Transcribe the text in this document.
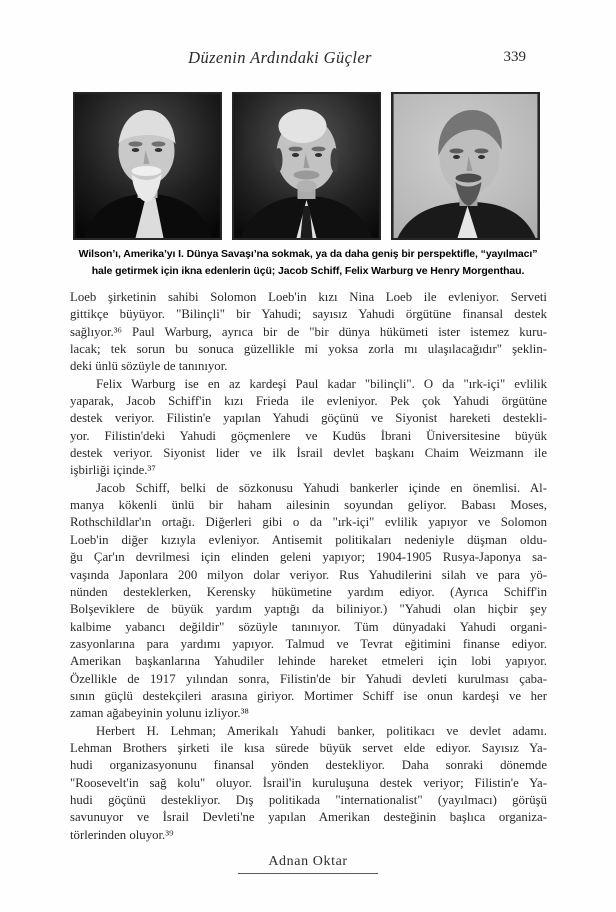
Düzenin Ardındaki Güçler	339
Wilson’ı, Amerika’yı I. Dünya Savaşı’na sokmak, ya da daha geniş bir perspektifle, “yayılmacı”
hale getirmek için ikna edenlerin üçü; Jacob Schiff, Felix Warburg ve Henry Morgenthau.
Loeb şirketinin sahibi Solomon Loeb'in kızı Nina Loeb ile evleniyor. Serveti
gittikçe büyüyor. "Bilinçli" bir Yahudi; sayısız Yahudi örgütüne finansal destek
sağlıyor.³⁶ Paul Warburg, ayrıca bir de "bir dünya hükümeti ister istemez kuru-
lacak; tek sorun bu sonuca güzellikle mi yoksa zorla mı ulaşılacağıdır" şeklin-
deki ünlü sözüyle de tanınıyor.
Felix Warburg ise en az kardeşi Paul kadar "bilinçli". O da "ırk-içi" evlilik
yaparak, Jacob Schiff'in kızı Frieda ile evleniyor. Pek çok Yahudi örgütüne
destek veriyor. Filistin'e yapılan Yahudi göçünü ve Siyonist hareketi destekli-
yor. Filistin'deki Yahudi göçmenlere ve Kudüs İbrani Üniversitesine büyük
destek veriyor. Siyonist lider ve ilk İsrail devlet başkanı Chaim Weizmann ile
işbirliği içinde.³⁷
Jacob Schiff, belki de sözkonusu Yahudi bankerler içinde en önemlisi. Al-
manya kökenli ünlü bir haham ailesinin soyundan geliyor. Babası Moses,
Rothschildlar'ın ortağı. Diğerleri gibi o da "ırk-içi" evlilik yapıyor ve Solomon
Loeb'in diğer kızıyla evleniyor. Antisemit politikaları nedeniyle düşman oldu-
ğu Çar'ın devrilmesi için elinden geleni yapıyor; 1904-1905 Rusya-Japonya sa-
vaşında Japonlara 200 milyon dolar veriyor. Rus Yahudilerini silah ve para yö-
nünden desteklerken, Kerensky hükümetine yardım ediyor. (Ayrıca Schiff'in
Bolşeviklere de büyük yardım yaptığı da biliniyor.) "Yahudi olan hiçbir şey
kalbime yabancı değildir" sözüyle tanınıyor. Tüm dünyadaki Yahudi organi-
zasyonlarına para yardımı yapıyor. Talmud ve Tevrat eğitimini finanse ediyor.
Amerikan başkanlarına Yahudiler lehinde hareket etmeleri için lobi yapıyor.
Özellikle de 1917 yılından sonra, Filistin'de bir Yahudi devleti kurulması çaba-
sının güçlü destekçileri arasına giriyor. Mortimer Schiff ise onun kardeşi ve her
zaman ağabeyinin yolunu izliyor.³⁸
Herbert H. Lehman; Amerikalı Yahudi banker, politikacı ve devlet adamı.
Lehman Brothers şirketi ile kısa sürede büyük servet elde ediyor. Sayısız Ya-
hudi organizasyonunu finansal yönden destekliyor. Daha sonraki dönemde
"Roosevelt'in sağ kolu" oluyor. İsrail'in kuruluşuna destek veriyor; Filistin'e Ya-
hudi göçünü destekliyor. Dış politikada "internationalist" (yayılmacı) görüşü
savunuyor ve İsrail Devleti'ne yapılan Amerikan desteğinin başlıca organiza-
törlerinden oluyor.³⁹
Adnan Oktar
